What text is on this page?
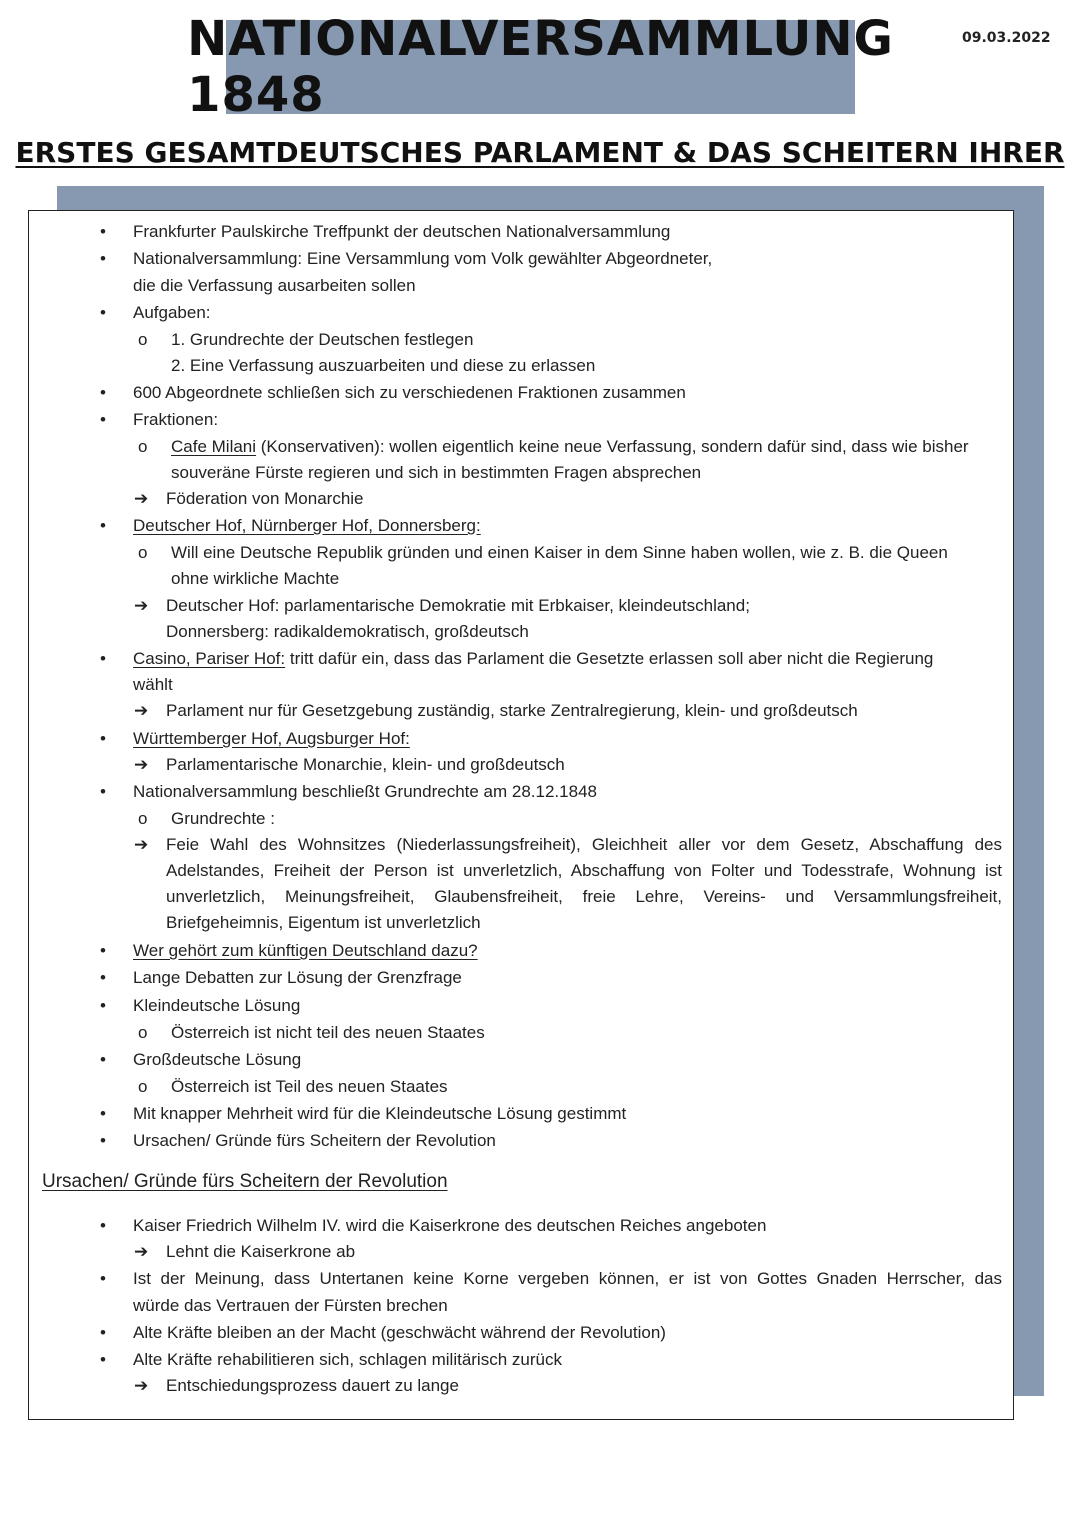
NATIONALVERSAMMLUNG 1848
09.03.2022
ERSTES GESAMTDEUTSCHES PARLAMENT & DAS SCHEITERN IHRER
•
•
•
o
•
•
o
➔
•
o
➔
•
➔
•
➔
•
o
➔
•
•
•
o
•
o
•
•
•
➔
•
•
•
➔
Frankfurter Paulskirche Treffpunkt der deutschen Nationalversammlung
Nationalversammlung: Eine Versammlung vom Volk gewählter Abgeordneter,
die die Verfassung ausarbeiten sollen
Aufgaben:
1. Grundrechte der Deutschen festlegen
2. Eine Verfassung auszuarbeiten und diese zu erlassen
600 Abgeordnete schließen sich zu verschiedenen Fraktionen zusammen
Fraktionen:
Cafe Milani (Konservativen): wollen eigentlich keine neue Verfassung, sondern dafür sind, dass wie bisher
souveräne Fürste regieren und sich in bestimmten Fragen absprechen
Föderation von Monarchie
Deutscher Hof, Nürnberger Hof, Donnersberg:
Will eine Deutsche Republik gründen und einen Kaiser in dem Sinne haben wollen, wie z. B. die Queen
ohne wirkliche Machte
Deutscher Hof: parlamentarische Demokratie mit Erbkaiser, kleindeutschland;
Donnersberg: radikaldemokratisch, großdeutsch
Casino, Pariser Hof: tritt dafür ein, dass das Parlament die Gesetzte erlassen soll aber nicht die Regierung
wählt
Parlament nur für Gesetzgebung zuständig, starke Zentralregierung, klein- und großdeutsch
Württemberger Hof, Augsburger Hof:
Parlamentarische Monarchie, klein- und großdeutsch
Nationalversammlung beschließt Grundrechte am 28.12.1848
Grundrechte :
Feie Wahl des Wohnsitzes (Niederlassungsfreiheit), Gleichheit aller vor dem Gesetz, Abschaffung des
Adelstandes, Freiheit der Person ist unverletzlich, Abschaffung von Folter und Todesstrafe, Wohnung ist
unverletzlich, Meinungsfreiheit, Glaubensfreiheit, freie Lehre, Vereins- und Versammlungsfreiheit,
Briefgeheimnis, Eigentum ist unverletzlich
Wer gehört zum künftigen Deutschland dazu?
Lange Debatten zur Lösung der Grenzfrage
Kleindeutsche Lösung
Österreich ist nicht teil des neuen Staates
Großdeutsche Lösung
Österreich ist Teil des neuen Staates
Mit knapper Mehrheit wird für die Kleindeutsche Lösung gestimmt
Ursachen/ Gründe fürs Scheitern der Revolution
Ursachen/ Gründe fürs Scheitern der Revolution
Kaiser Friedrich Wilhelm IV. wird die Kaiserkrone des deutschen Reiches angeboten
Lehnt die Kaiserkrone ab
Ist der Meinung, dass Untertanen keine Korne vergeben können, er ist von Gottes Gnaden Herrscher, das
würde das Vertrauen der Fürsten brechen
Alte Kräfte bleiben an der Macht (geschwächt während der Revolution)
Alte Kräfte rehabilitieren sich, schlagen militärisch zurück
Entschiedungsprozess dauert zu lange
